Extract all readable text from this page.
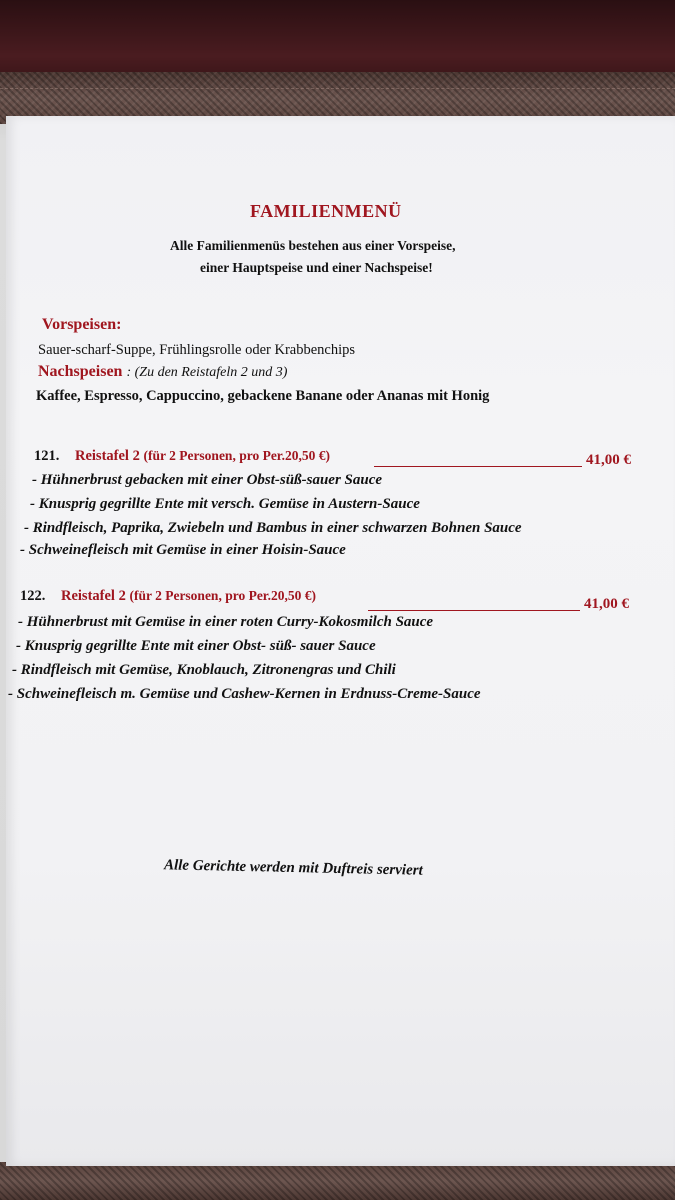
FAMILIENMENÜ
Alle Familienmenüs bestehen aus einer Vorspeise,
einer Hauptspeise und einer Nachspeise!
Vorspeisen:
Sauer-scharf-Suppe, Frühlingsrolle oder Krabbenchips
Nachspeisen : (Zu den Reistafeln 2 und 3)
Kaffee, Espresso, Cappuccino, gebackene Banane oder Ananas mit Honig
121. Reistafel 2 (für 2 Personen, pro Per.20,50 €)	41,00 €
- Hühnerbrust gebacken mit einer Obst-süß-sauer Sauce
- Knusprig gegrillte Ente mit versch. Gemüse in Austern-Sauce
- Rindfleisch, Paprika, Zwiebeln und Bambus in einer schwarzen Bohnen Sauce
- Schweinefleisch mit Gemüse in einer Hoisin-Sauce
122. Reistafel 2 (für 2 Personen, pro Per.20,50 €)
41,00 €
- Hühnerbrust mit Gemüse in einer roten Curry-Kokosmilch Sauce
- Knusprig gegrillte Ente mit einer Obst- süß- sauer Sauce
- Rindfleisch mit Gemüse, Knoblauch, Zitronengras und Chili
- Schweinefleisch m. Gemüse und Cashew-Kernen in Erdnuss-Creme-Sauce
Alle Gerichte werden mit Duftreis serviert
